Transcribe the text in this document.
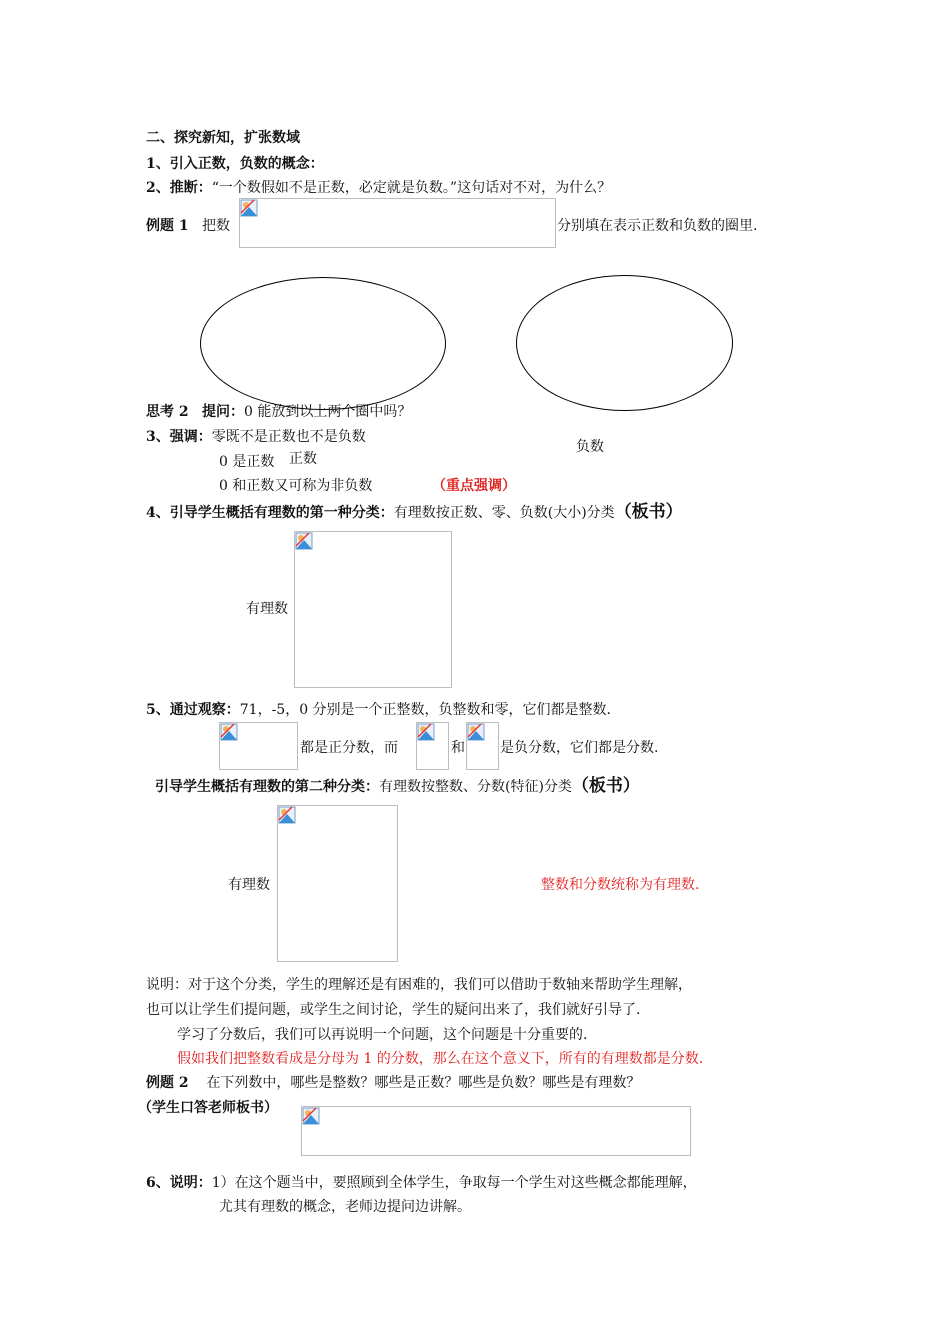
二、探究新知，扩张数域
1、引入正数，负数的概念：
2、推断：“一个数假如不是正数，必定就是负数。”这句话对不对，为什么？
例题 1 把数	分别填在表示正数和负数的圈里.
思考 2 提问：0 能放到以上两个圈中吗？
3、强调：零既不是正数也不是负数
负数
0 是正数 正数
0 和正数又可称为非负数	（重点强调）
4、引导学生概括有理数的第一种分类：有理数按正数、零、负数(大小)分类（板书）
有理数
5、通过观察：71，-5，0 分别是一个正整数，负整数和零，它们都是整数.
都是正分数，而	和	是负分数，它们都是分数.
引导学生概括有理数的第二种分类：有理数按整数、分数(特征)分类（板书）
有理数	整数和分数统称为有理数.
说明：对于这个分类，学生的理解还是有困难的，我们可以借助于数轴来帮助学生理解，
也可以让学生们提问题，或学生之间讨论，学生的疑问出来了，我们就好引导了.
学习了分数后，我们可以再说明一个问题，这个问题是十分重要的.
假如我们把整数看成是分母为 1 的分数，那么在这个意义下，所有的有理数都是分数.
例题 2 在下列数中，哪些是整数？哪些是正数？哪些是负数？哪些是有理数？
（学生口答老师板书）
6、说明：1）在这个题当中，要照顾到全体学生，争取每一个学生对这些概念都能理解，
尤其有理数的概念，老师边提问边讲解。
